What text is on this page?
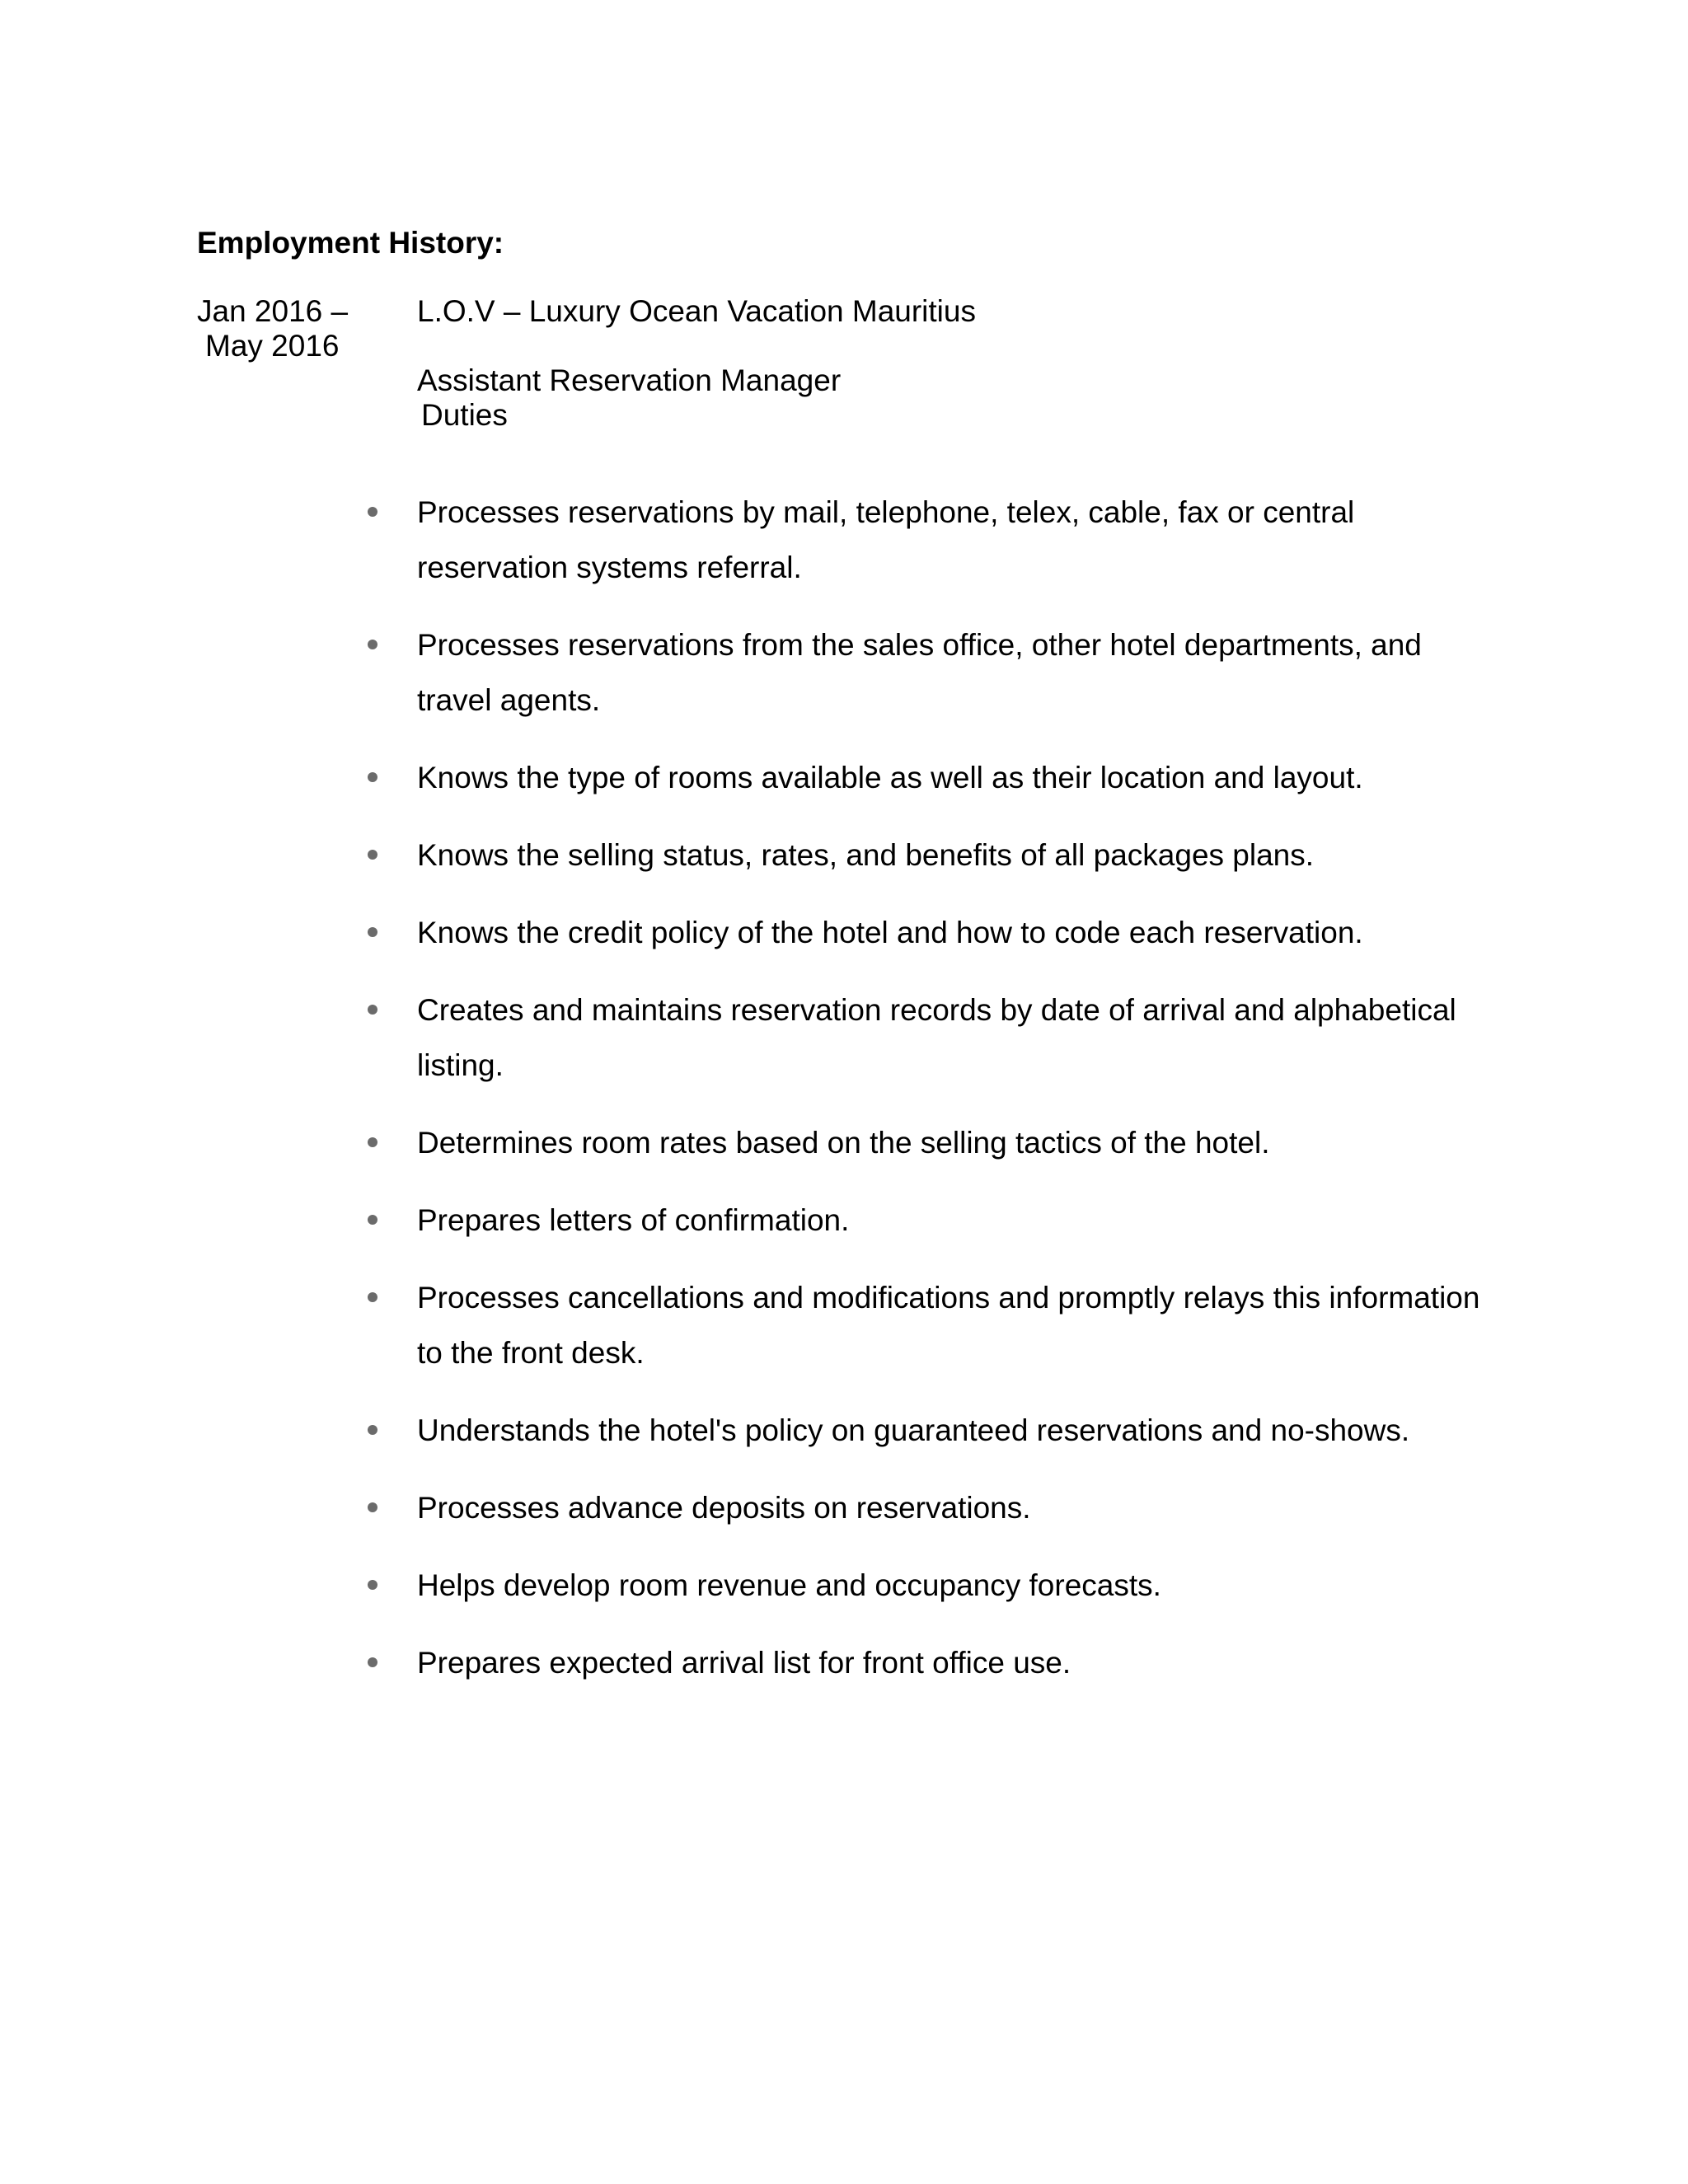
Employment History:
Jan 2016 –
May 2016
L.O.V – Luxury Ocean Vacation Mauritius
Assistant Reservation Manager
Duties
Processes reservations by mail, telephone, telex, cable, fax or central reservation systems referral.
Processes reservations from the sales office, other hotel departments, and travel agents.
Knows the type of rooms available as well as their location and layout.
Knows the selling status, rates, and benefits of all packages plans.
Knows the credit policy of the hotel and how to code each reservation.
Creates and maintains reservation records by date of arrival and alphabetical listing.
Determines room rates based on the selling tactics of the hotel.
Prepares letters of confirmation.
Processes cancellations and modifications and promptly relays this information to the front desk.
Understands the hotel's policy on guaranteed reservations and no-shows.
Processes advance deposits on reservations.
Helps develop room revenue and occupancy forecasts.
Prepares expected arrival list for front office use.
